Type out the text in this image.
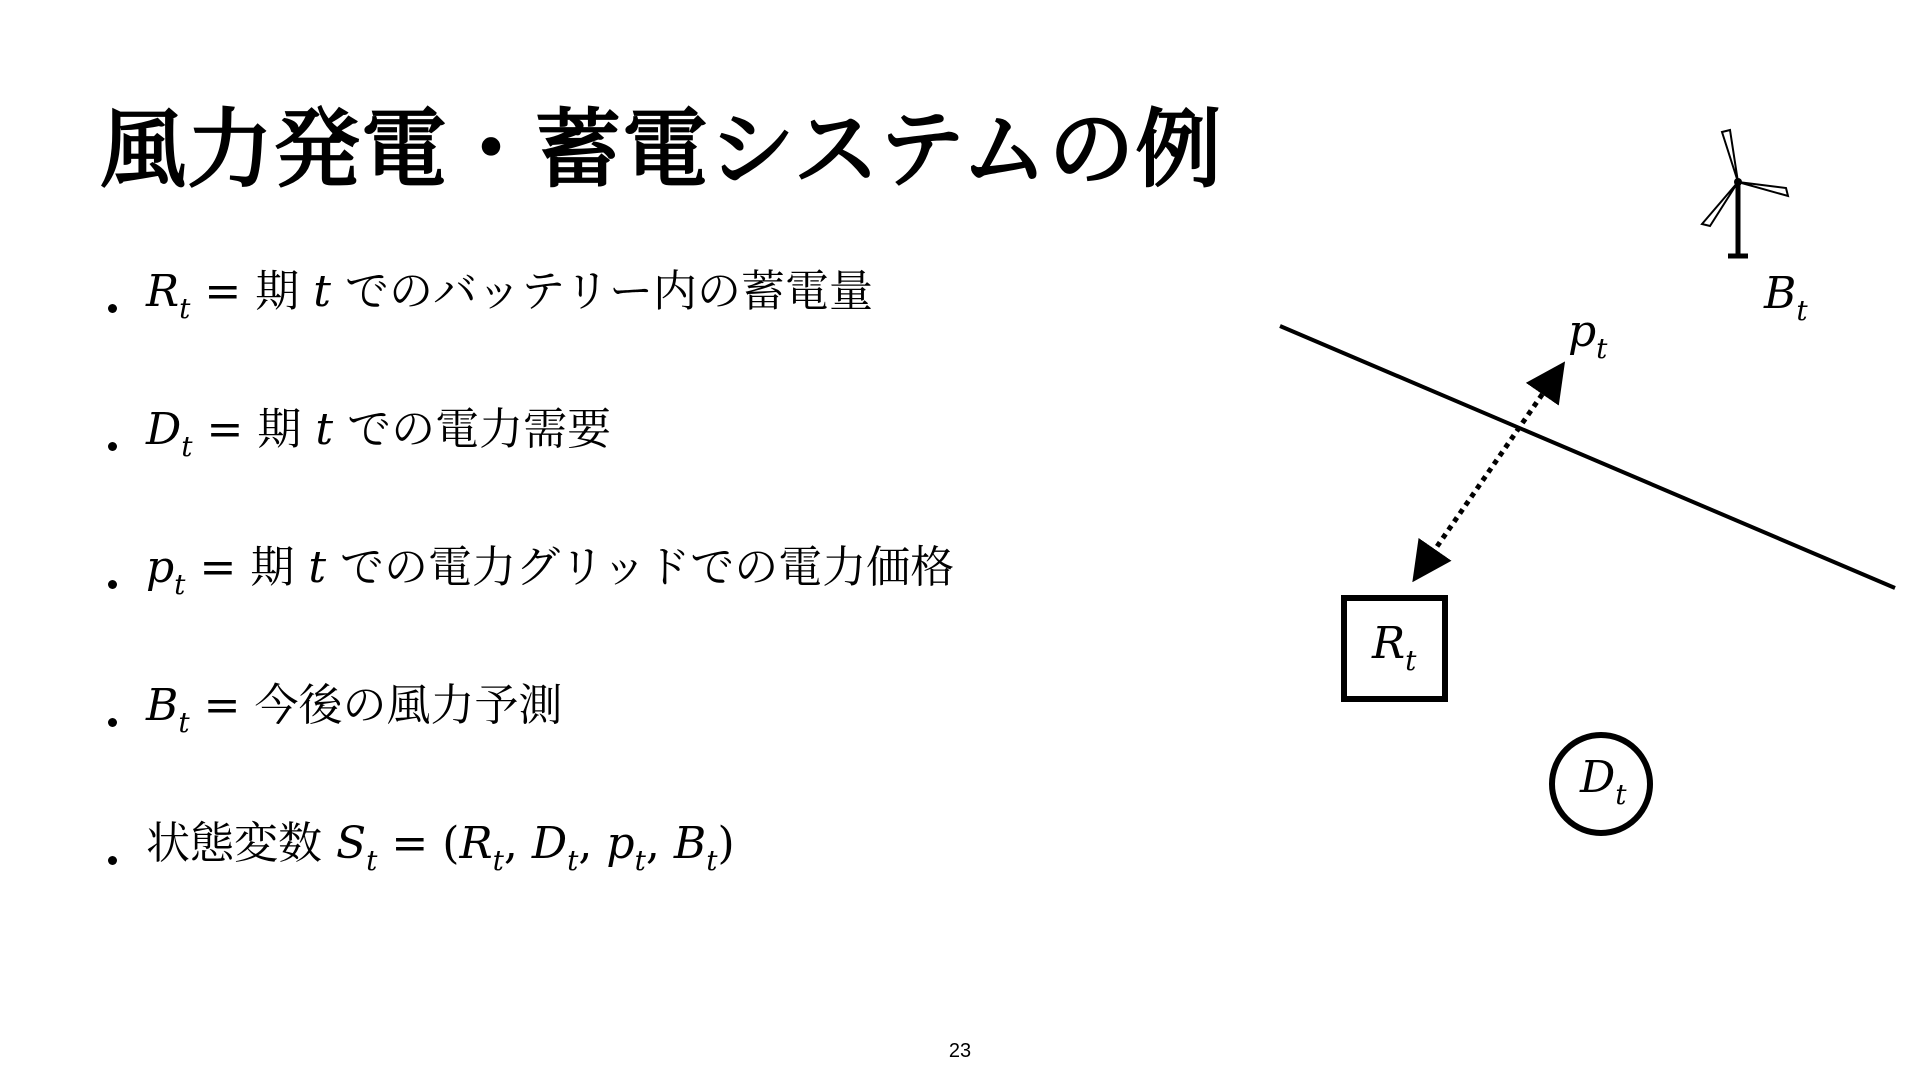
風力発電・蓄電システムの例
$R_t$ = 期 t でのバッテリー内の蓄電量
$D_t$ = 期 t での電力需要
$p_t$ = 期 t での電力グリッドでの電力価格
$B_t$ = 今後の風力予測
状態変数 $S_t = (R_t$, $D_t$, $p_t$, $B_t$)
$B_t$
$p_t$
$R_t$
$D_t$
23
